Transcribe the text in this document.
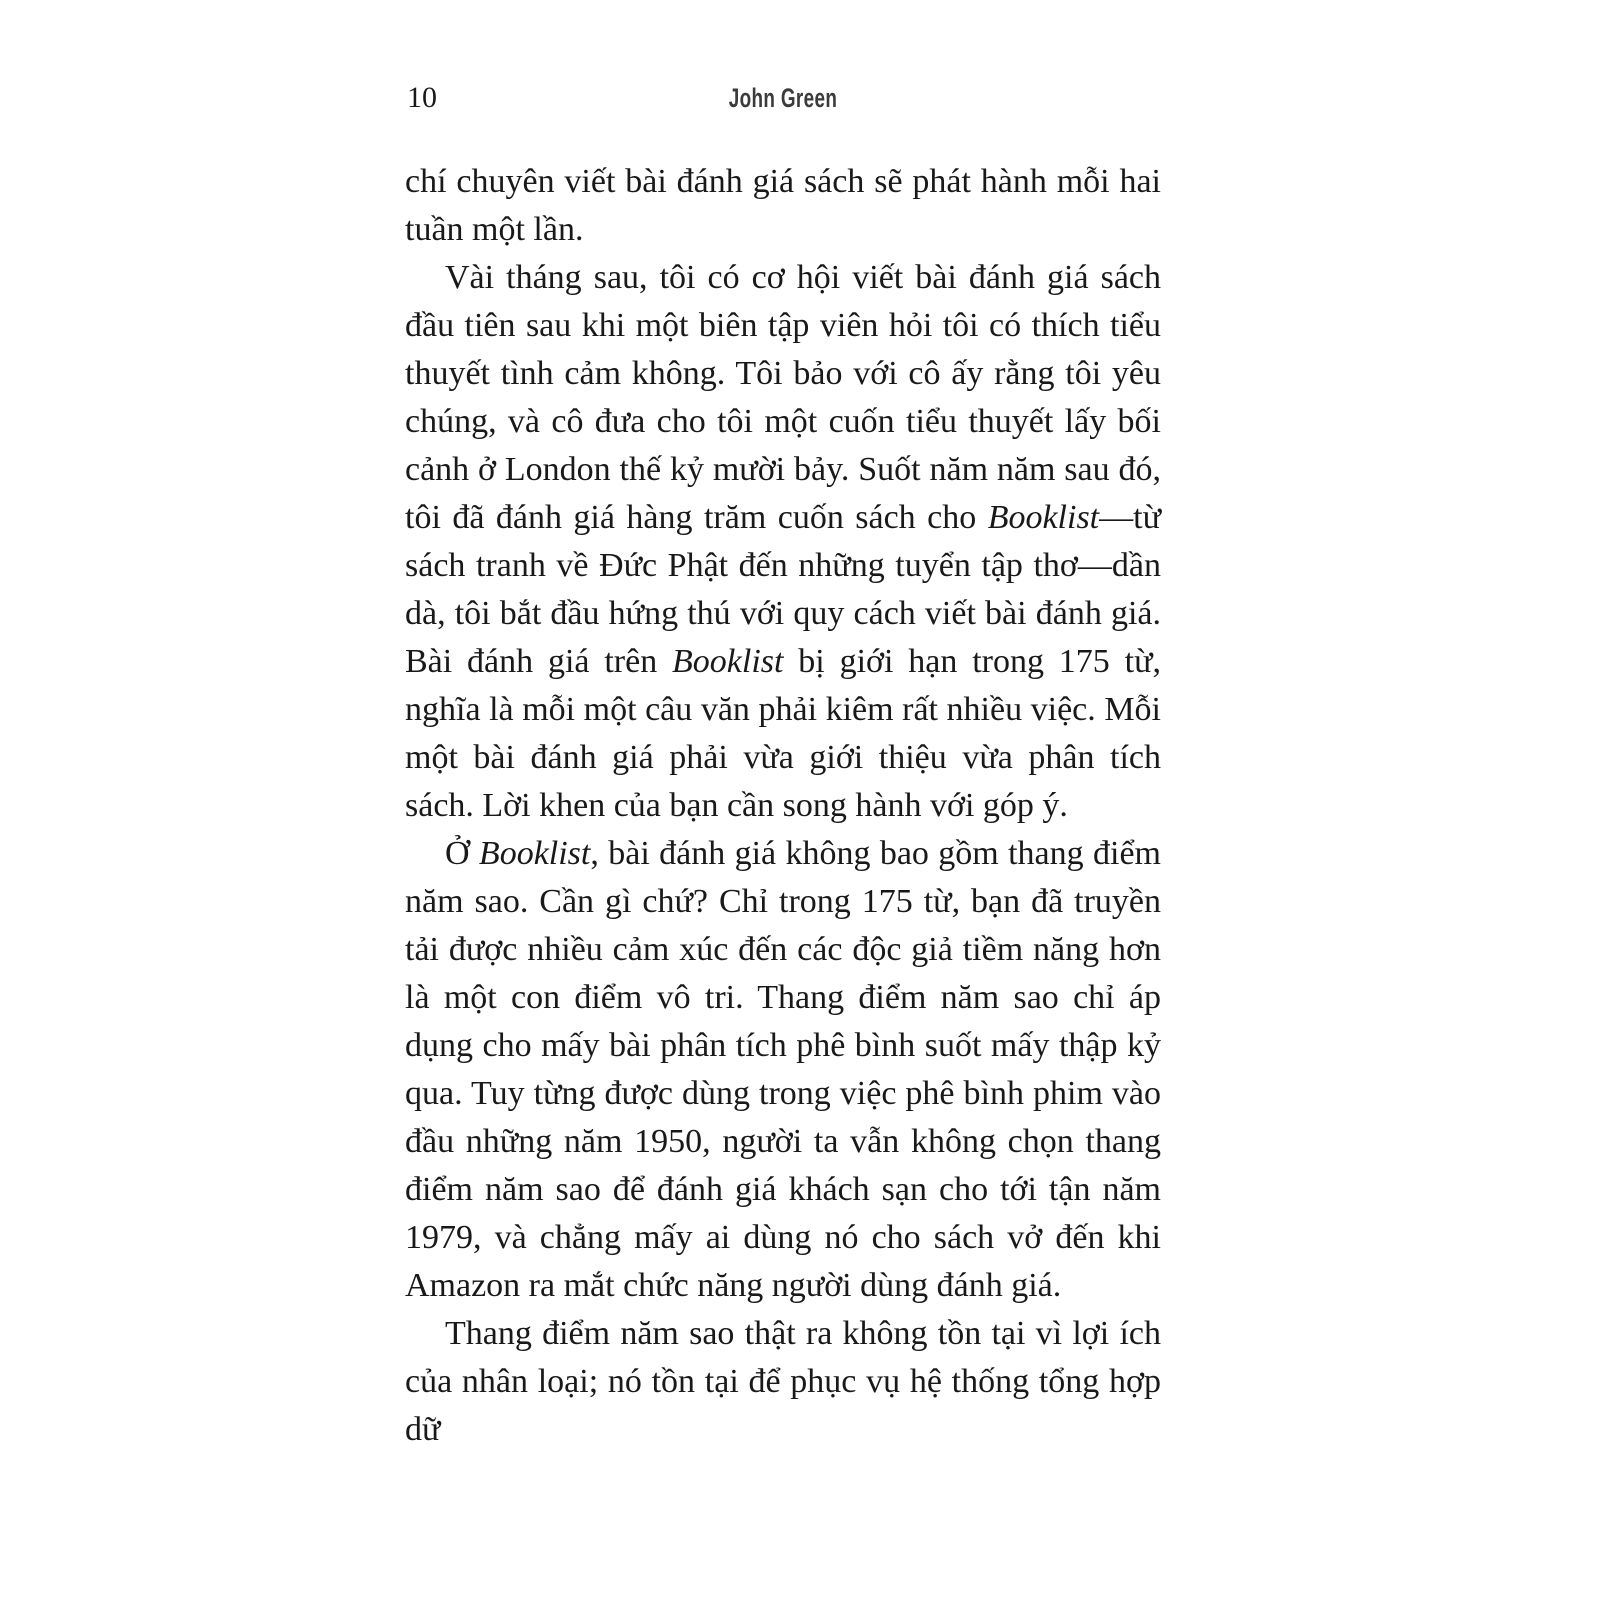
10	John Green

chí chuyên viết bài đánh giá sách sẽ phát hành mỗi hai tuần một lần.

Vài tháng sau, tôi có cơ hội viết bài đánh giá sách đầu tiên sau khi một biên tập viên hỏi tôi có thích tiểu thuyết tình cảm không. Tôi bảo với cô ấy rằng tôi yêu chúng, và cô đưa cho tôi một cuốn tiểu thuyết lấy bối cảnh ở London thế kỷ mười bảy. Suốt năm năm sau đó, tôi đã đánh giá hàng trăm cuốn sách cho Booklist—từ sách tranh về Đức Phật đến những tuyển tập thơ—dần dà, tôi bắt đầu hứng thú với quy cách viết bài đánh giá. Bài đánh giá trên Booklist bị giới hạn trong 175 từ, nghĩa là mỗi một câu văn phải kiêm rất nhiều việc. Mỗi một bài đánh giá phải vừa giới thiệu vừa phân tích sách. Lời khen của bạn cần song hành với góp ý.

Ở Booklist, bài đánh giá không bao gồm thang điểm năm sao. Cần gì chứ? Chỉ trong 175 từ, bạn đã truyền tải được nhiều cảm xúc đến các độc giả tiềm năng hơn là một con điểm vô tri. Thang điểm năm sao chỉ áp dụng cho mấy bài phân tích phê bình suốt mấy thập kỷ qua. Tuy từng được dùng trong việc phê bình phim vào đầu những năm 1950, người ta vẫn không chọn thang điểm năm sao để đánh giá khách sạn cho tới tận năm 1979, và chẳng mấy ai dùng nó cho sách vở đến khi Amazon ra mắt chức năng người dùng đánh giá.

Thang điểm năm sao thật ra không tồn tại vì lợi ích của nhân loại; nó tồn tại để phục vụ hệ thống tổng hợp dữ
